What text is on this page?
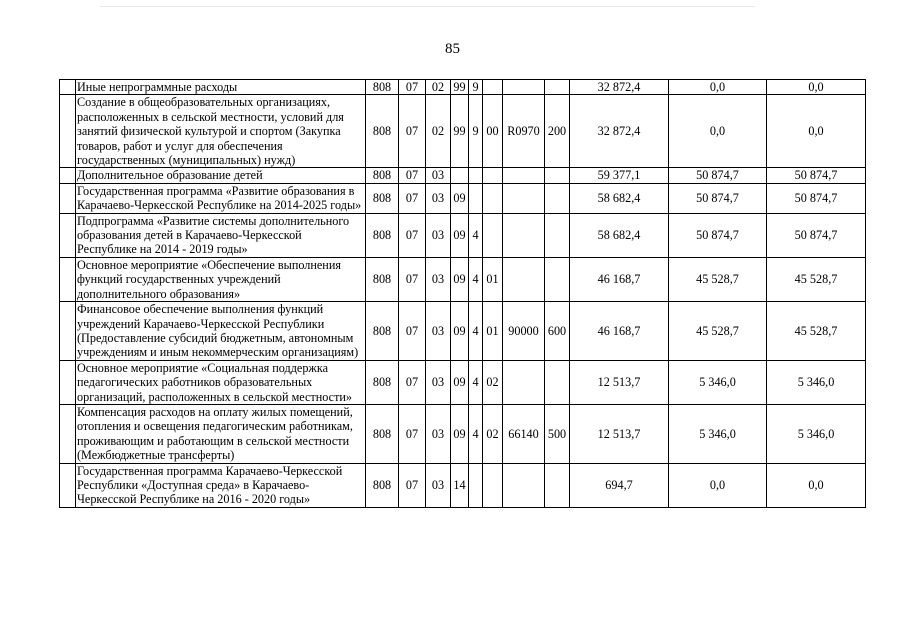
85
	Иные непрограммные расходы	808	07	02	99	9				32 872,4	0,0	0,0
	Создание в общеобразовательных организациях, расположенных в сельской местности, условий для занятий физической культурой и спортом (Закупка товаров, работ и услуг для обеспечения государственных (муниципальных) нужд)	808	07	02	99	9	00	R0970	200	32 872,4	0,0	0,0
	Дополнительное образование детей	808	07	03						59 377,1	50 874,7	50 874,7
	Государственная программа «Развитие образования в Карачаево-Черкесской Республике на 2014-2025 годы»	808	07	03	09					58 682,4	50 874,7	50 874,7
	Подпрограмма «Развитие системы дополнительного образования детей в Карачаево-Черкесской Республике на 2014 - 2019 годы»	808	07	03	09	4				58 682,4	50 874,7	50 874,7
	Основное мероприятие «Обеспечение выполнения функций государственных учреждений дополнительного образования»	808	07	03	09	4	01			46 168,7	45 528,7	45 528,7
	Финансовое обеспечение выполнения функций учреждений Карачаево-Черкесской Республики (Предоставление субсидий бюджетным, автономным учреждениям и иным некоммерческим организациям)	808	07	03	09	4	01	90000	600	46 168,7	45 528,7	45 528,7
	Основное мероприятие «Социальная поддержка педагогических работников образовательных организаций, расположенных в сельской местности»	808	07	03	09	4	02			12 513,7	5 346,0	5 346,0
	Компенсация расходов на оплату жилых помещений, отопления и освещения педагогическим работникам, проживающим и работающим в сельской местности (Межбюджетные трансферты)	808	07	03	09	4	02	66140	500	12 513,7	5 346,0	5 346,0
	Государственная программа Карачаево-Черкесской Республики «Доступная среда» в Карачаево-Черкесской Республике на 2016 - 2020 годы»	808	07	03	14					694,7	0,0	0,0
